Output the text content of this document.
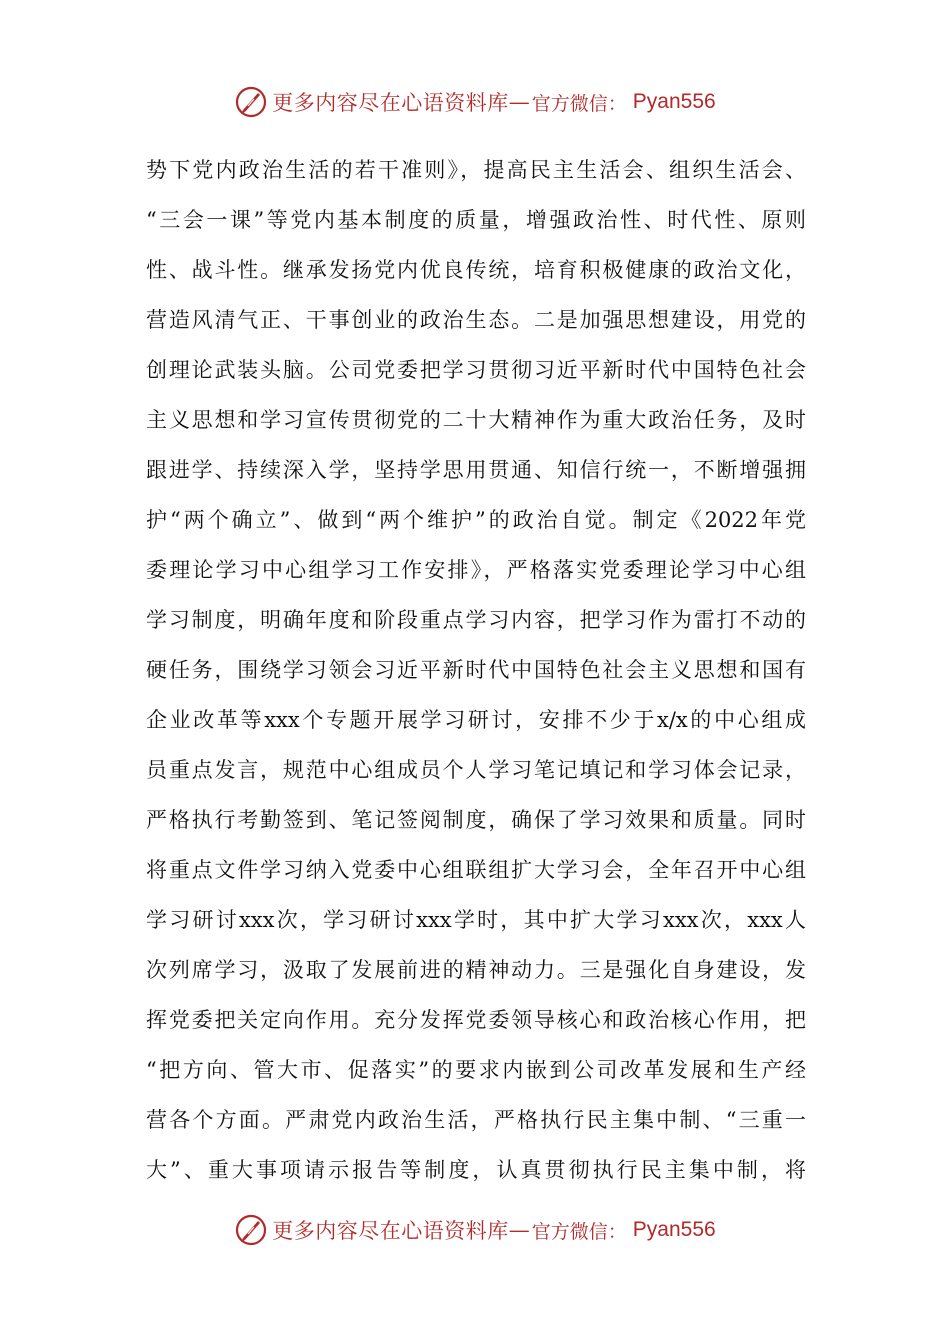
更多内容尽在心语资料库 — 官方微信： Pyan556
势下党内政治生活的若干准则》，提高民主生活会、组织生活会、
“三会一课”等党内基本制度的质量，增强政治性、时代性、原则
性、战斗性。继承发扬党内优良传统，培育积极健康的政治文化，
营造风清气正、干事创业的政治生态。二是加强思想建设，用党的
创理论武装头脑。公司党委把学习贯彻习近平新时代中国特色社会
主义思想和学习宣传贯彻党的二十大精神作为重大政治任务，及时
跟进学、持续深入学，坚持学思用贯通、知信行统一，不断增强拥
护“两个确立”、做到“两个维护”的政治自觉。制定《2022年党
委理论学习中心组学习工作安排》，严格落实党委理论学习中心组
学习制度，明确年度和阶段重点学习内容，把学习作为雷打不动的
硬任务，围绕学习领会习近平新时代中国特色社会主义思想和国有
企业改革等xxx个专题开展学习研讨，安排不少于x/x的中心组成
员重点发言，规范中心组成员个人学习笔记填记和学习体会记录，
严格执行考勤签到、笔记签阅制度，确保了学习效果和质量。同时
将重点文件学习纳入党委中心组联组扩大学习会，全年召开中心组
学习研讨xxx次，学习研讨xxx学时，其中扩大学习xxx次，xxx人
次列席学习，汲取了发展前进的精神动力。三是强化自身建设，发
挥党委把关定向作用。充分发挥党委领导核心和政治核心作用，把
“把方向、管大市、促落实”的要求内嵌到公司改革发展和生产经
营各个方面。严肃党内政治生活，严格执行民主集中制、“三重一
大”、重大事项请示报告等制度，认真贯彻执行民主集中制，将
更多内容尽在心语资料库 — 官方微信： Pyan556
